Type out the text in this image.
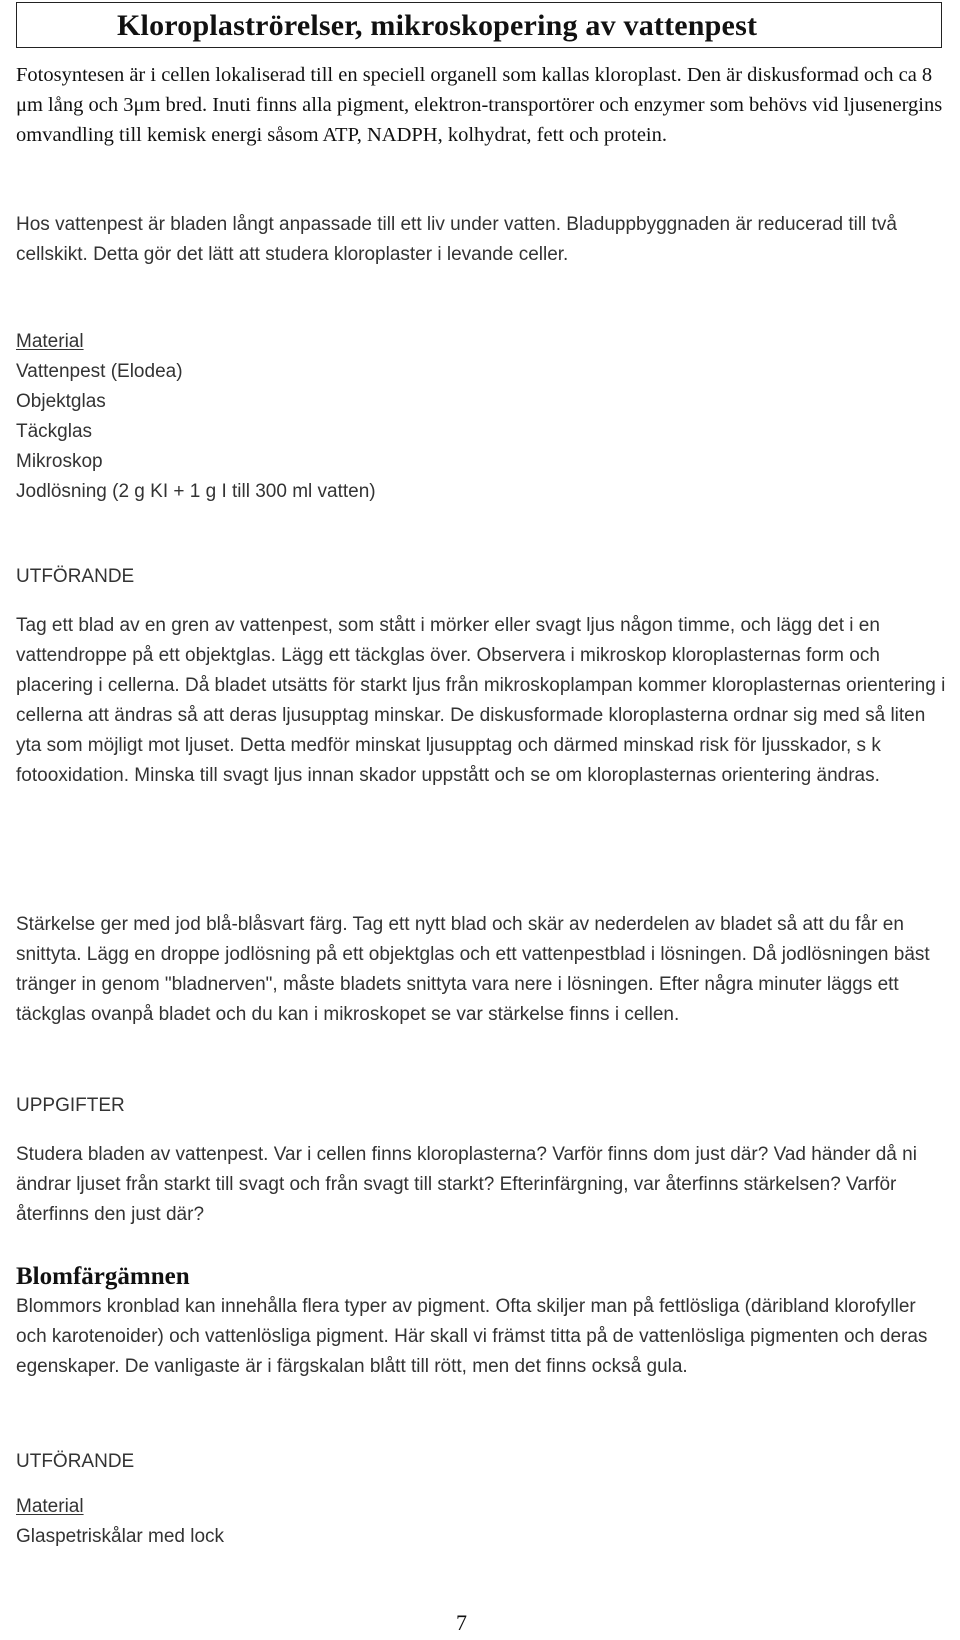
Kloroplaströrelser, mikroskopering av vattenpest

Fotosyntesen är i cellen lokaliserad till en speciell organell som kallas kloroplast. Den är diskusformad och ca 8 μm lång och 3μm bred. Inuti finns alla pigment, elektron-transportörer och enzymer som behövs vid ljusenergins omvandling till kemisk energi såsom ATP, NADPH, kolhydrat, fett och protein.

Hos vattenpest är bladen långt anpassade till ett liv under vatten. Bladuppbyggnaden är reducerad till två cellskikt. Detta gör det lätt att studera kloroplaster i levande celler.

Material

Vattenpest (Elodea)

Objektglas

Täckglas

Mikroskop

Jodlösning (2 g KI + 1 g I till 300 ml vatten)

UTFÖRANDE

Tag ett blad av en gren av vattenpest, som stått i mörker eller svagt ljus någon timme, och lägg det i en vattendroppe på ett objektglas. Lägg ett täckglas över. Observera i mikroskop kloroplasternas form och placering i cellerna. Då bladet utsätts för starkt ljus från mikroskoplampan kommer kloroplasternas orientering i cellerna att ändras så att deras ljusupptag minskar. De diskusformade kloroplasterna ordnar sig med så liten yta som möjligt mot ljuset. Detta medför minskat ljusupptag och därmed minskad risk för ljusskador, s k fotooxidation. Minska till svagt ljus innan skador uppstått och se om kloroplasternas orientering ändras.

Stärkelse ger med jod blå-blåsvart färg. Tag ett nytt blad och skär av nederdelen av bladet så att du får en snittyta. Lägg en droppe jodlösning på ett objektglas och ett vattenpestblad i lösningen. Då jodlösningen bäst tränger in genom "bladnerven", måste bladets snittyta vara nere i lösningen. Efter några minuter läggs ett täckglas ovanpå bladet och du kan i mikroskopet se var stärkelse finns i cellen.

UPPGIFTER

Studera bladen av vattenpest. Var i cellen finns kloroplasterna? Varför finns dom just där? Vad händer då ni ändrar ljuset från starkt till svagt och från svagt till starkt? Efterinfärgning, var återfinns stärkelsen? Varför återfinns den just där?

Blomfärgämnen

Blommors kronblad kan innehålla flera typer av pigment. Ofta skiljer man på fettlösliga (däribland klorofyller och karotenoider) och vattenlösliga pigment. Här skall vi främst titta på de vattenlösliga pigmenten och deras egenskaper. De vanligaste är i färgskalan blått till rött, men det finns också gula.

UTFÖRANDE

Material

Glaspetriskålar med lock

7
